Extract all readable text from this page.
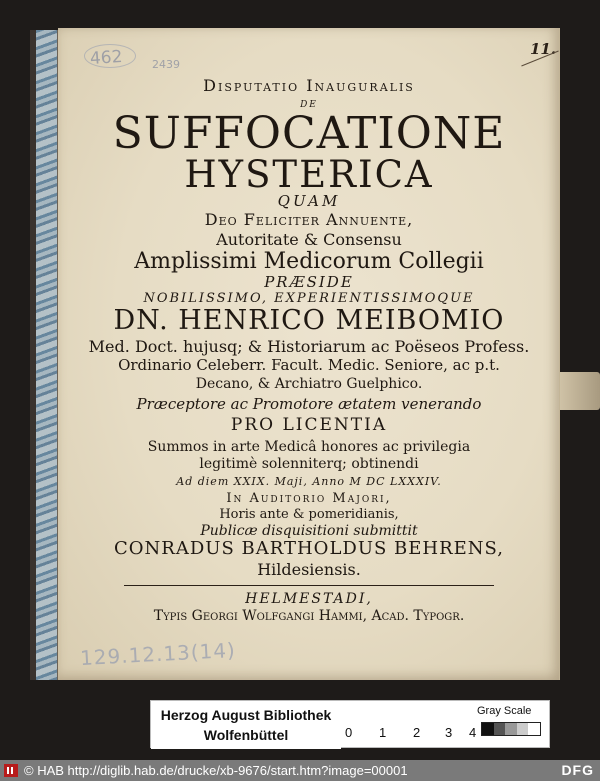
462	2439
11.
129.12.13(14)
Disputatio Inauguralis
de
SUFFOCATIONE
HYSTERICA
QUAM
Deo Feliciter Annuente,
Autoritate & Consensu
Amplissimi Medicorum Collegii
PRÆSIDE
NOBILISSIMO, EXPERIENTISSIMOQUE
DN. HENRICO MEIBOMIO
Med. Doct. hujusq; & Historiarum ac Poëseos Profess.
Ordinario Celeberr. Facult. Medic. Seniore, ac p.t.
Decano, & Archiatro Guelphico.
Præceptore ac Promotore ætatem venerando
PRO LICENTIA
Summos in arte Medicâ honores ac privilegia
legitimè solenniterq; obtinendi
Ad diem XXIX. Maji, Anno M DC LXXXIV.
In Auditorio Majori,
Horis ante & pomeridianis,
Publicæ disquisitioni submittit
CONRADUS BARTHOLDUS BEHRENS,
Hildesiensis.
HELMESTADI,
Typis Georgi Wolfgangi Hammi, Acad. Typogr.
Herzog August Bibliothek
Wolfenbüttel
Gray Scale
0 1 2 3 4
© HAB http://diglib.hab.de/drucke/xb-9676/start.htm?image=00001	DFG
